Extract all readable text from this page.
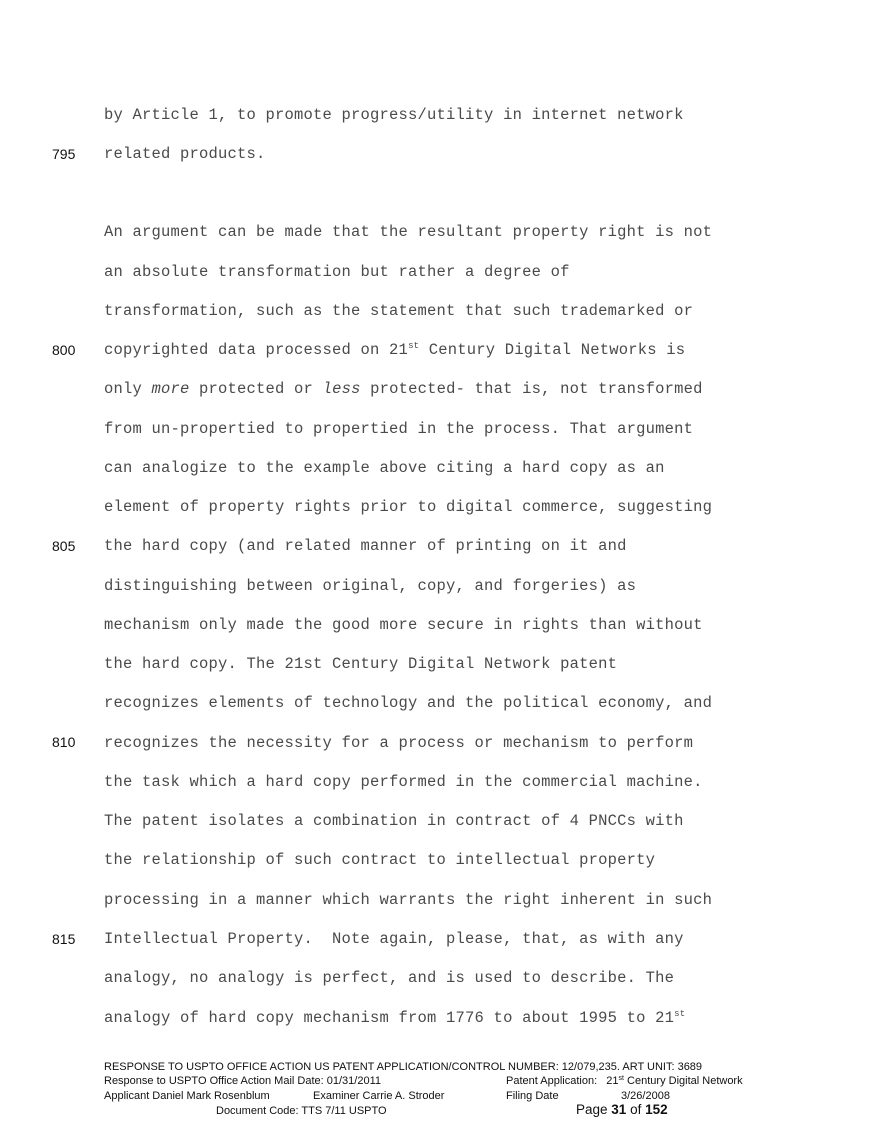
795
800
805
810
815
by Article 1, to promote progress/utility in internet network
related products.
An argument can be made that the resultant property right is not
an absolute transformation but rather a degree of
transformation, such as the statement that such trademarked or
copyrighted data processed on 21st Century Digital Networks is
only more protected or less protected- that is, not transformed
from un-propertied to propertied in the process. That argument
can analogize to the example above citing a hard copy as an
element of property rights prior to digital commerce, suggesting
the hard copy (and related manner of printing on it and
distinguishing between original, copy, and forgeries) as
mechanism only made the good more secure in rights than without
the hard copy. The 21st Century Digital Network patent
recognizes elements of technology and the political economy, and
recognizes the necessity for a process or mechanism to perform
the task which a hard copy performed in the commercial machine.
The patent isolates a combination in contract of 4 PNCCs with
the relationship of such contract to intellectual property
processing in a manner which warrants the right inherent in such
Intellectual Property.  Note again, please, that, as with any
analogy, no analogy is perfect, and is used to describe. The
analogy of hard copy mechanism from 1776 to about 1995 to 21st
RESPONSE TO USPTO OFFICE ACTION US PATENT APPLICATION/CONTROL NUMBER: 12/079,235. ART UNIT: 3689
Response to USPTO Office Action Mail Date: 01/31/2011	Patent Application: 21st Century Digital Network
Applicant Daniel Mark Rosenblum	Examiner Carrie A. Stroder	Filing Date	3/26/2008
Document Code: TTS 7/11 USPTO	Page 31 of 152
